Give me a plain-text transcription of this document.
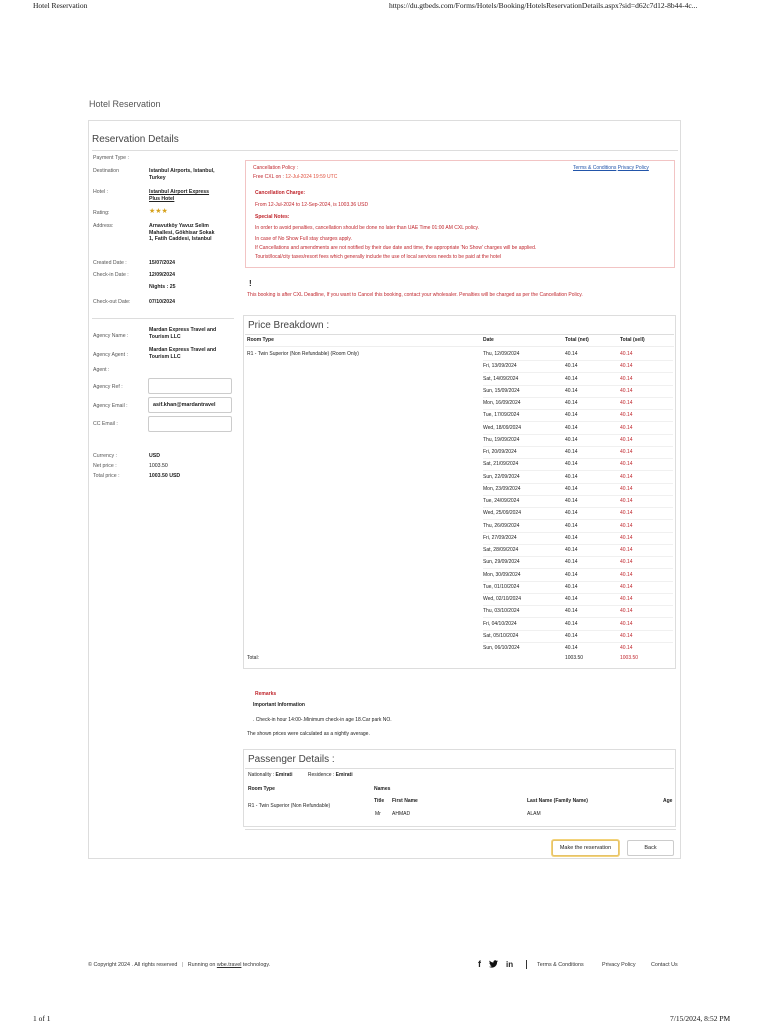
Hotel Reservation	https://du.gtbeds.com/Forms/Hotels/Booking/HotelsReservationDetails.aspx?sid=d62c7d12-8b44-4c...
Hotel Reservation
Reservation Details
Payment Type :
Destination	Istanbul Airports, Istanbul,
Turkey
Hotel :	Istanbul Airport Express
Plus Hotel
Rating:	★★★
Address:	Arnavutköy Yavuz Selim
Mahallesi, Gökhisar Sokak
1, Fatih Caddesi, Istanbul
Created Date :	15/07/2024
Check-in Date :	12/09/2024
Nights : 25
Check-out Date:	07/10/2024
Agency Name :
Mardan Express Travel and
Tourism LLC
Agency Agent :
Mardan Express Travel and
Tourism LLC
Agent :
Agency Ref :
Agency Email :	asif.khan@mardantravel
CC Email :
Currency :	USD
Net price :	1003.50
Total price :	1003.50 USD
Cancellation Policy :
Free CXL on : 12-Jul-2024 19:59 UTC
Terms & Conditions Privacy Policy
Cancellation Charge:
From 12-Jul-2024 to 12-Sep-2024, is 1003.36 USD
Special Notes:
In order to avoid penalties, cancellation should be done no later than UAE Time 01:00 AM CXL policy.
In case of No Show Full stay charges apply.
If Cancellations and amendments are not notified by their due date and time, the appropriate 'No Show' charges will be applied.
Tourist/local/city taxes/resort fees which generally include the use of local services needs to be paid at the hotel
!
This booking is after CXL Deadline, If you want to Cancel this booking, contact your wholesaler. Penalties will be charged as per the Cancellation Policy.
Price Breakdown :
Room Type	Date	Total (net)	Total (sell)
R1 - Twin Superior (Non Refundable) (Room Only)	Thu, 12/09/2024	40.14	40.14
Fri, 13/09/2024	40.14	40.14
Sat, 14/09/2024	40.14	40.14
Sun, 15/09/2024	40.14	40.14
Mon, 16/09/2024	40.14	40.14
Tue, 17/09/2024	40.14	40.14
Wed, 18/09/2024	40.14	40.14
Thu, 19/09/2024	40.14	40.14
Fri, 20/09/2024	40.14	40.14
Sat, 21/09/2024	40.14	40.14
Sun, 22/09/2024	40.14	40.14
Mon, 23/09/2024	40.14	40.14
Tue, 24/09/2024	40.14	40.14
Wed, 25/09/2024	40.14	40.14
Thu, 26/09/2024	40.14	40.14
Fri, 27/09/2024	40.14	40.14
Sat, 28/09/2024	40.14	40.14
Sun, 29/09/2024	40.14	40.14
Mon, 30/09/2024	40.14	40.14
Tue, 01/10/2024	40.14	40.14
Wed, 02/10/2024	40.14	40.14
Thu, 03/10/2024	40.14	40.14
Fri, 04/10/2024	40.14	40.14
Sat, 05/10/2024	40.14	40.14
Sun, 06/10/2024	40.14	40.14
Total:	1003.50	1003.50
Remarks
Important Information
. Check-in hour 14:00-.Minimum check-in age 18.Car park NO.
The shown prices were calculated as a nightly average.
Passenger Details :
Nationality : Emirati	Residence : Emirati
Room Type	Names
Title First Name	Last Name (Family Name)	Age
R1 - Twin Superior (Non Refundable)
Mr AHMAD	ALAM
Make the reservation	Back
© Copyright 2024 . All rights reserved | Running on wbe.travel technology.	f	in	Terms & Conditions	Privacy Policy	Contact Us
1 of 1	7/15/2024, 8:52 PM
